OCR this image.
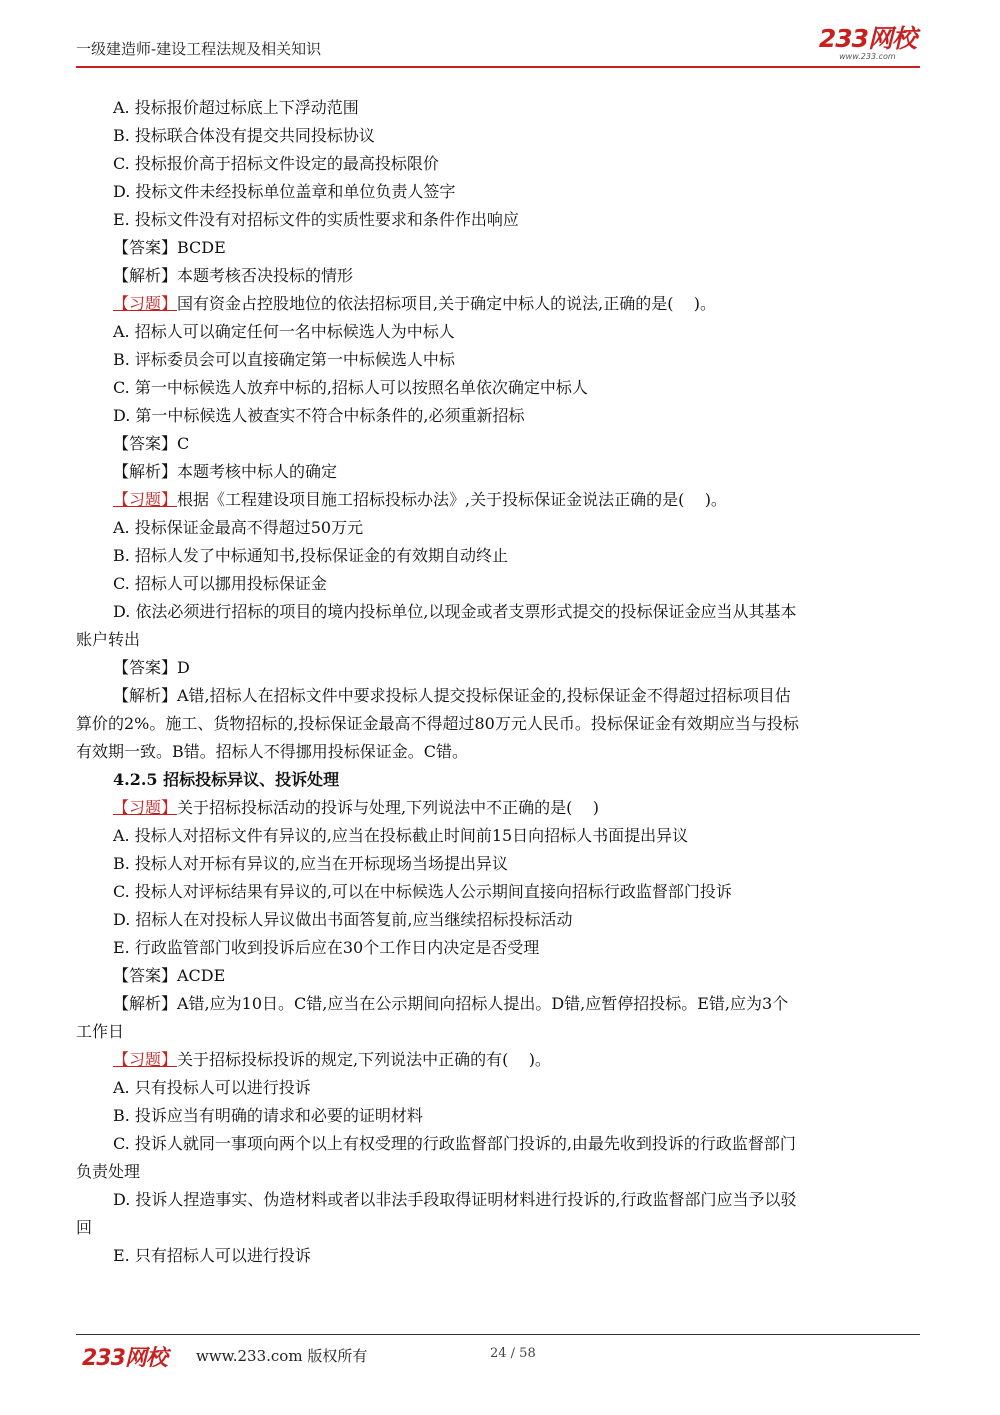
一级建造师-建设工程法规及相关知识	233网校
www.233.com

A. 投标报价超过标底上下浮动范围

B. 投标联合体没有提交共同投标协议

C. 投标报价高于招标文件设定的最高投标限价

D. 投标文件未经投标单位盖章和单位负责人签字

E. 投标文件没有对招标文件的实质性要求和条件作出响应

【答案】BCDE

【解析】本题考核否决投标的情形

【习题】国有资金占控股地位的依法招标项目,关于确定中标人的说法,正确的是(    )。

A. 招标人可以确定任何一名中标候选人为中标人

B. 评标委员会可以直接确定第一中标候选人中标

C. 第一中标候选人放弃中标的,招标人可以按照名单依次确定中标人

D. 第一中标候选人被查实不符合中标条件的,必须重新招标

【答案】C

【解析】本题考核中标人的确定

【习题】根据《工程建设项目施工招标投标办法》,关于投标保证金说法正确的是(    )。

A. 投标保证金最高不得超过50万元

B. 招标人发了中标通知书,投标保证金的有效期自动终止

C. 招标人可以挪用投标保证金

D. 依法必须进行招标的项目的境内投标单位,以现金或者支票形式提交的投标保证金应当从其基本

账户转出

【答案】D

【解析】A错,招标人在招标文件中要求投标人提交投标保证金的,投标保证金不得超过招标项目估

算价的2%。施工、货物招标的,投标保证金最高不得超过80万元人民币。投标保证金有效期应当与投标

有效期一致。B错。招标人不得挪用投标保证金。C错。

4.2.5 招标投标异议、投诉处理

【习题】关于招标投标活动的投诉与处理,下列说法中不正确的是(    )

A. 投标人对招标文件有异议的,应当在投标截止时间前15日向招标人书面提出异议

B. 投标人对开标有异议的,应当在开标现场当场提出异议

C. 投标人对评标结果有异议的,可以在中标候选人公示期间直接向招标行政监督部门投诉

D. 招标人在对投标人异议做出书面答复前,应当继续招标投标活动

E. 行政监管部门收到投诉后应在30个工作日内决定是否受理

【答案】ACDE

【解析】A错,应为10日。C错,应当在公示期间向招标人提出。D错,应暂停招投标。E错,应为3个

工作日

【习题】关于招标投标投诉的规定,下列说法中正确的有(    )。

A. 只有投标人可以进行投诉

B. 投诉应当有明确的请求和必要的证明材料

C. 投诉人就同一事项向两个以上有权受理的行政监督部门投诉的,由最先收到投诉的行政监督部门

负责处理

D. 投诉人捏造事实、伪造材料或者以非法手段取得证明材料进行投诉的,行政监督部门应当予以驳

回

E. 只有招标人可以进行投诉

233网校 www.233.com 版权所有	24 / 58
